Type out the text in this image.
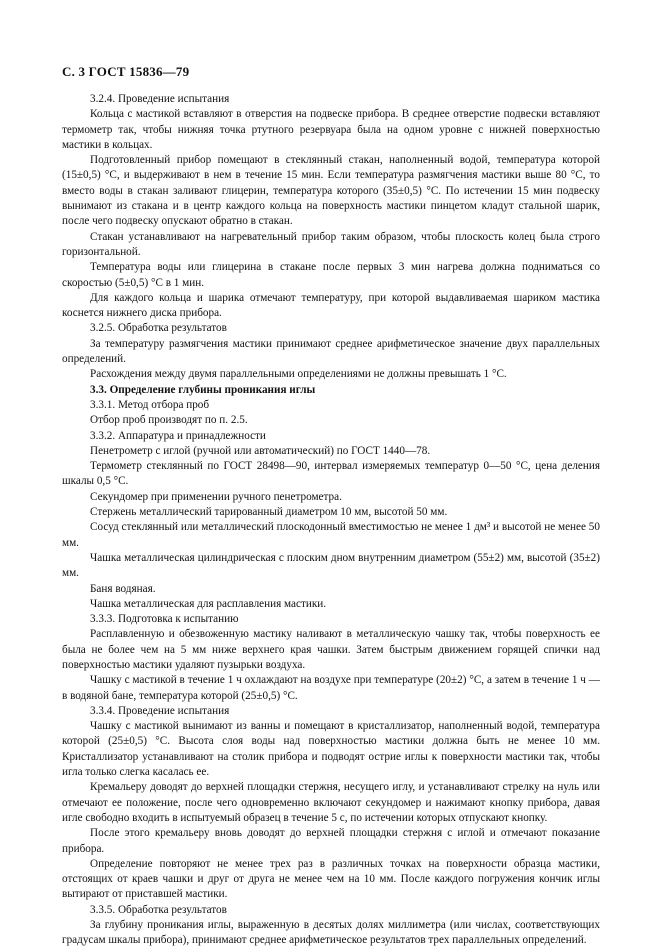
С. 3 ГОСТ 15836—79

3.2.4. Проведение испытания

Кольца с мастикой вставляют в отверстия на подвеске прибора. В среднее отверстие подвески вставляют термометр так, чтобы нижняя точка ртутного резервуара была на одном уровне с нижней поверхностью мастики в кольцах.

Подготовленный прибор помещают в стеклянный стакан, наполненный водой, температура которой (15±0,5) °С, и выдерживают в нем в течение 15 мин. Если температура размягчения мастики выше 80 °С, то вместо воды в стакан заливают глицерин, температура которого (35±0,5) °С. По истечении 15 мин подвеску вынимают из стакана и в центр каждого кольца на поверхность мастики пинцетом кладут стальной шарик, после чего подвеску опускают обратно в стакан.

Стакан устанавливают на нагревательный прибор таким образом, чтобы плоскость колец была строго горизонтальной.

Температура воды или глицерина в стакане после первых 3 мин нагрева должна подниматься со скоростью (5±0,5) °С в 1 мин.

Для каждого кольца и шарика отмечают температуру, при которой выдавливаемая шариком мастика коснется нижнего диска прибора.

3.2.5. Обработка результатов

За температуру размягчения мастики принимают среднее арифметическое значение двух параллельных определений.

Расхождения между двумя параллельными определениями не должны превышать 1 °С.

3.3. Определение глубины проникания иглы

3.3.1. Метод отбора проб

Отбор проб производят по п. 2.5.

3.3.2. Аппаратура и принадлежности

Пенетрометр с иглой (ручной или автоматический) по ГОСТ 1440—78.

Термометр стеклянный по ГОСТ 28498—90, интервал измеряемых температур 0—50 °С, цена деления шкалы 0,5 °С.

Секундомер при применении ручного пенетрометра.

Стержень металлический тарированный диаметром 10 мм, высотой 50 мм.

Сосуд стеклянный или металлический плоскодонный вместимостью не менее 1 дм³ и высотой не менее 50 мм.

Чашка металлическая цилиндрическая с плоским дном внутренним диаметром (55±2) мм, высотой (35±2) мм.

Баня водяная.

Чашка металлическая для расплавления мастики.

3.3.3. Подготовка к испытанию

Расплавленную и обезвоженную мастику наливают в металлическую чашку так, чтобы поверхность ее была не более чем на 5 мм ниже верхнего края чашки. Затем быстрым движением горящей спички над поверхностью мастики удаляют пузырьки воздуха.

Чашку с мастикой в течение 1 ч охлаждают на воздухе при температуре (20±2) °С, а затем в течение 1 ч — в водяной бане, температура которой (25±0,5) °С.

3.3.4. Проведение испытания

Чашку с мастикой вынимают из ванны и помещают в кристаллизатор, наполненный водой, температура которой (25±0,5) °С. Высота слоя воды над поверхностью мастики должна быть не менее 10 мм. Кристаллизатор устанавливают на столик прибора и подводят острие иглы к поверхности мастики так, чтобы игла только слегка касалась ее.

Кремальеру доводят до верхней площадки стержня, несущего иглу, и устанавливают стрелку на нуль или отмечают ее положение, после чего одновременно включают секундомер и нажимают кнопку прибора, давая игле свободно входить в испытуемый образец в течение 5 с, по истечении которых отпускают кнопку.

После этого кремальеру вновь доводят до верхней площадки стержня с иглой и отмечают показание прибора.

Определение повторяют не менее трех раз в различных точках на поверхности образца мастики, отстоящих от краев чашки и друг от друга не менее чем на 10 мм. После каждого погружения кончик иглы вытирают от приставшей мастики.

3.3.5. Обработка результатов

За глубину проникания иглы, выраженную в десятых долях миллиметра (или числах, соответствующих градусам шкалы прибора), принимают среднее арифметическое результатов трех параллельных определений.
